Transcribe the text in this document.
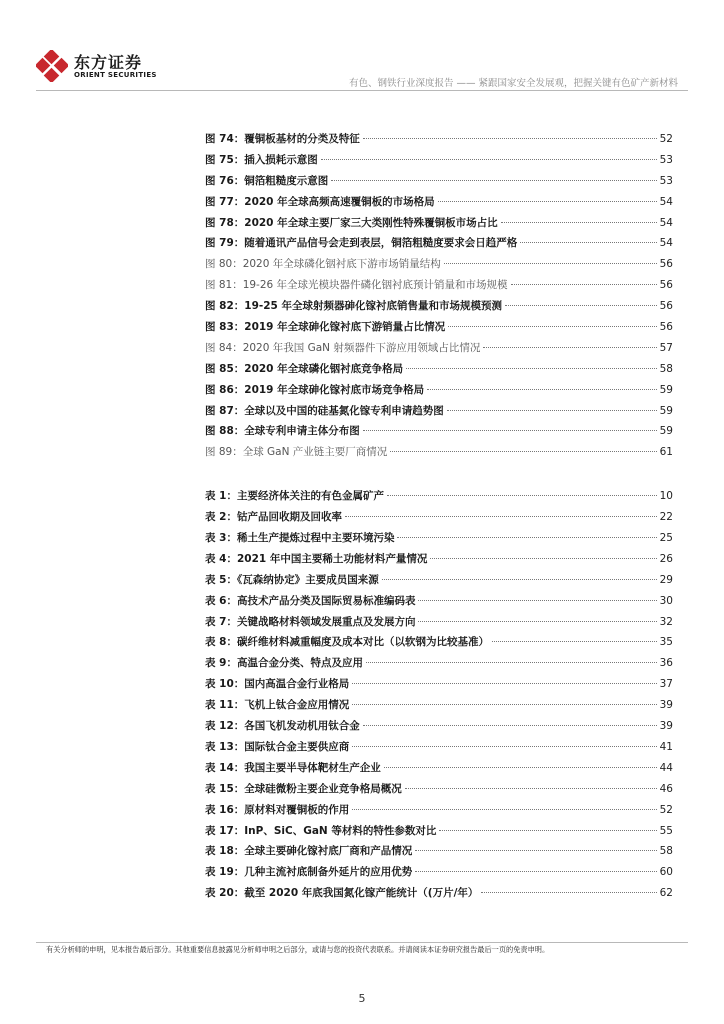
东方证券
ORIENT SECURITIES
有色、钢铁行业深度报告 —— 紧跟国家安全发展观，把握关键有色矿产新材料
图 74：覆铜板基材的分类及特征	52
图 75：插入损耗示意图	53
图 76：铜箔粗糙度示意图	53
图 77：2020 年全球高频高速覆铜板的市场格局	54
图 78：2020 年全球主要厂家三大类刚性特殊覆铜板市场占比	54
图 79：随着通讯产品信号会走到表层，铜箔粗糙度要求会日趋严格	54
图 80：2020 年全球磷化铟衬底下游市场销量结构	56
图 81：19-26 年全球光模块器件磷化铟衬底预计销量和市场规模	56
图 82：19-25 年全球射频器砷化镓衬底销售量和市场规模预测	56
图 83：2019 年全球砷化镓衬底下游销量占比情况	56
图 84：2020 年我国 GaN 射频器件下游应用领域占比情况	57
图 85：2020 年全球磷化铟衬底竞争格局	58
图 86：2019 年全球砷化镓衬底市场竞争格局	59
图 87：全球以及中国的硅基氮化镓专利申请趋势图	59
图 88：全球专利申请主体分布图	59
图 89：全球 GaN 产业链主要厂商情况	61
表 1：主要经济体关注的有色金属矿产	10
表 2：钴产品回收期及回收率	22
表 3：稀土生产提炼过程中主要环境污染	25
表 4：2021 年中国主要稀土功能材料产量情况	26
表 5：《瓦森纳协定》主要成员国来源	29
表 6：高技术产品分类及国际贸易标准编码表	30
表 7：关键战略材料领域发展重点及发展方向	32
表 8：碳纤维材料减重幅度及成本对比（以软钢为比较基准）	35
表 9：高温合金分类、特点及应用	36
表 10：国内高温合金行业格局	37
表 11：飞机上钛合金应用情况	39
表 12：各国飞机发动机用钛合金	39
表 13：国际钛合金主要供应商	41
表 14：我国主要半导体靶材生产企业	44
表 15：全球硅微粉主要企业竞争格局概况	46
表 16：原材料对覆铜板的作用	52
表 17：InP、SiC、GaN 等材料的特性参数对比	55
表 18：全球主要砷化镓衬底厂商和产品情况	58
表 19：几种主流衬底制备外延片的应用优势	60
表 20：截至 2020 年底我国氮化镓产能统计（(万片/年）	62
有关分析师的申明，见本报告最后部分。其他重要信息披露见分析师申明之后部分，或请与您的投资代表联系。并请阅读本证券研究报告最后一页的免责申明。
5
